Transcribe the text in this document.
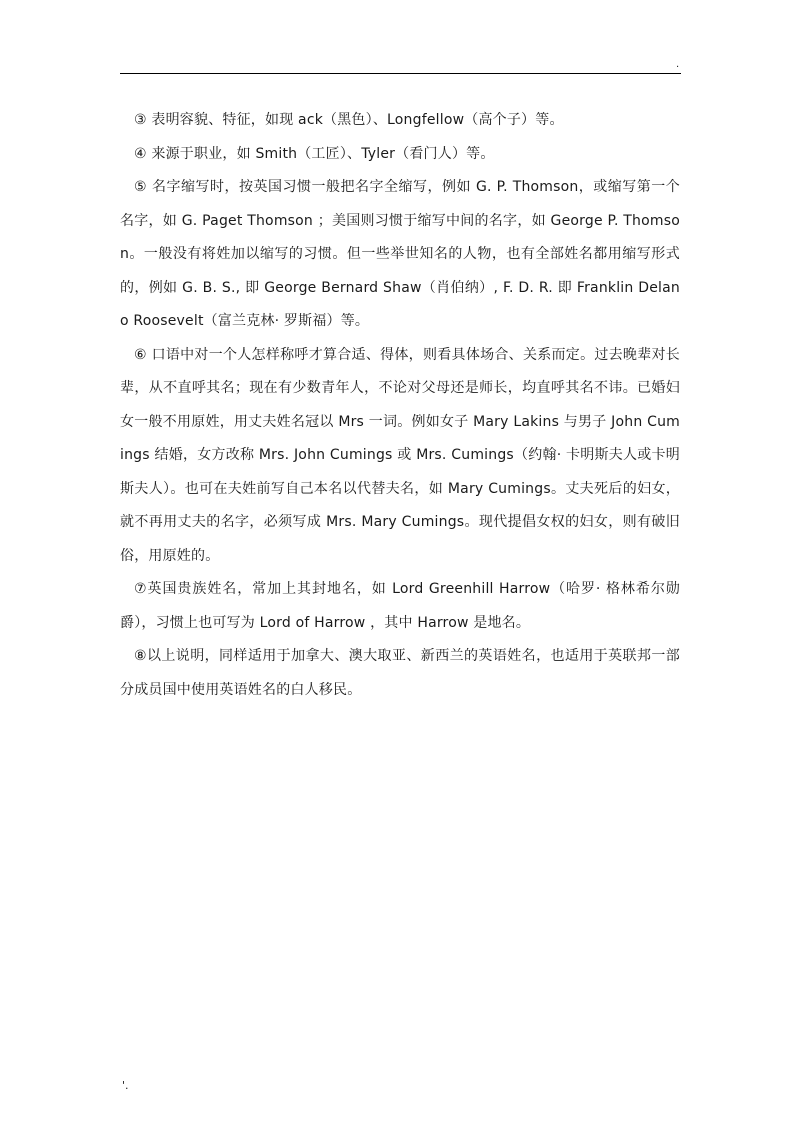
.

③ 表明容貌、特征，如现 ack（黑色）、Longfellow（高个子）等。

④ 来源于职业，如 Smith（工匠）、Tyler（看门人）等。

⑤ 名字缩写时，按英国习惯一般把名字全缩写，例如 G. P. Thomson，或缩写第一个名字，如 G. Paget Thomson ；美国则习惯于缩写中间的名字，如 George P. Thomson。一般没有将姓加以缩写的习惯。但一些举世知名的人物，也有全部姓名都用缩写形式的，例如 G. B. S., 即 George Bernard Shaw（肖伯纳）, F. D. R. 即 Franklin Delano Roosevelt（富兰克林· 罗斯福）等。

⑥ 口语中对一个人怎样称呼才算合适、得体，则看具体场合、关系而定。过去晚辈对长辈，从不直呼其名；现在有少数青年人，不论对父母还是师长，均直呼其名不讳。已婚妇女一般不用原姓，用丈夫姓名冠以 Mrs 一词。例如女子 Mary Lakins 与男子 John Cumings 结婚，女方改称 Mrs. John Cumings 或 Mrs. Cumings（约翰· 卡明斯夫人或卡明斯夫人）。也可在夫姓前写自己本名以代替夫名，如 Mary Cumings。丈夫死后的妇女，就不再用丈夫的名字，必须写成 Mrs. Mary Cumings。现代提倡女权的妇女，则有破旧俗，用原姓的。

⑦英国贵族姓名，常加上其封地名，如 Lord Greenhill Harrow（哈罗· 格林希尔勋爵），习惯上也可写为 Lord of Harrow ，其中 Harrow 是地名。

⑧以上说明，同样适用于加拿大、澳大取亚、新西兰的英语姓名，也适用于英联邦一部分成员国中使用英语姓名的白人移民。

'.
